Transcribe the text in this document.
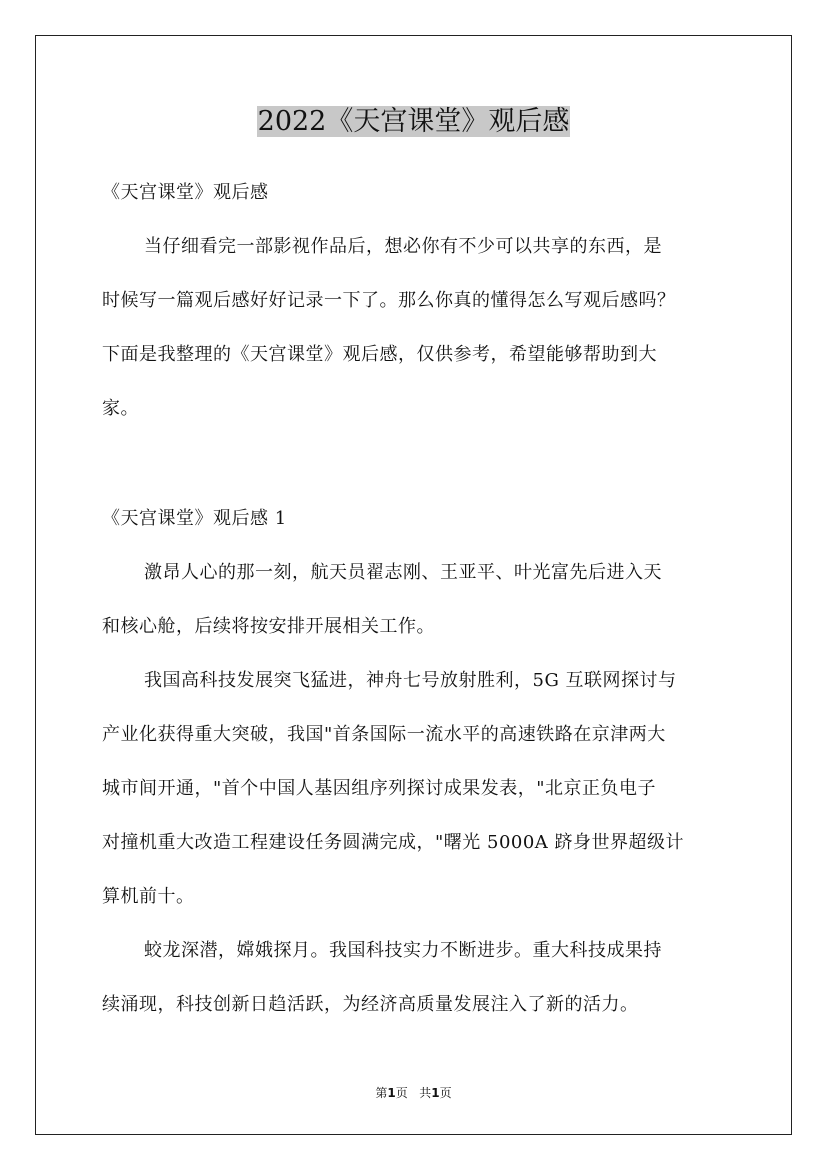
2022《天宫课堂》观后感

《天宫课堂》观后感

当仔细看完一部影视作品后，想必你有不少可以共享的东西，是
时候写一篇观后感好好记录一下了。那么你真的懂得怎么写观后感吗？
下面是我整理的《天宫课堂》观后感，仅供参考，希望能够帮助到大
家。

《天宫课堂》观后感 1

激昂人心的那一刻，航天员翟志刚、王亚平、叶光富先后进入天
和核心舱，后续将按安排开展相关工作。

我国高科技发展突飞猛进，神舟七号放射胜利，5G 互联网探讨与
产业化获得重大突破，我国"首条国际一流水平的高速铁路在京津两大
城市间开通，"首个中国人基因组序列探讨成果发表，"北京正负电子
对撞机重大改造工程建设任务圆满完成，"曙光 5000A 跻身世界超级计
算机前十。

蛟龙深潜，嫦娥探月。我国科技实力不断进步。重大科技成果持
续涌现，科技创新日趋活跃，为经济高质量发展注入了新的活力。

第1页   共1页
